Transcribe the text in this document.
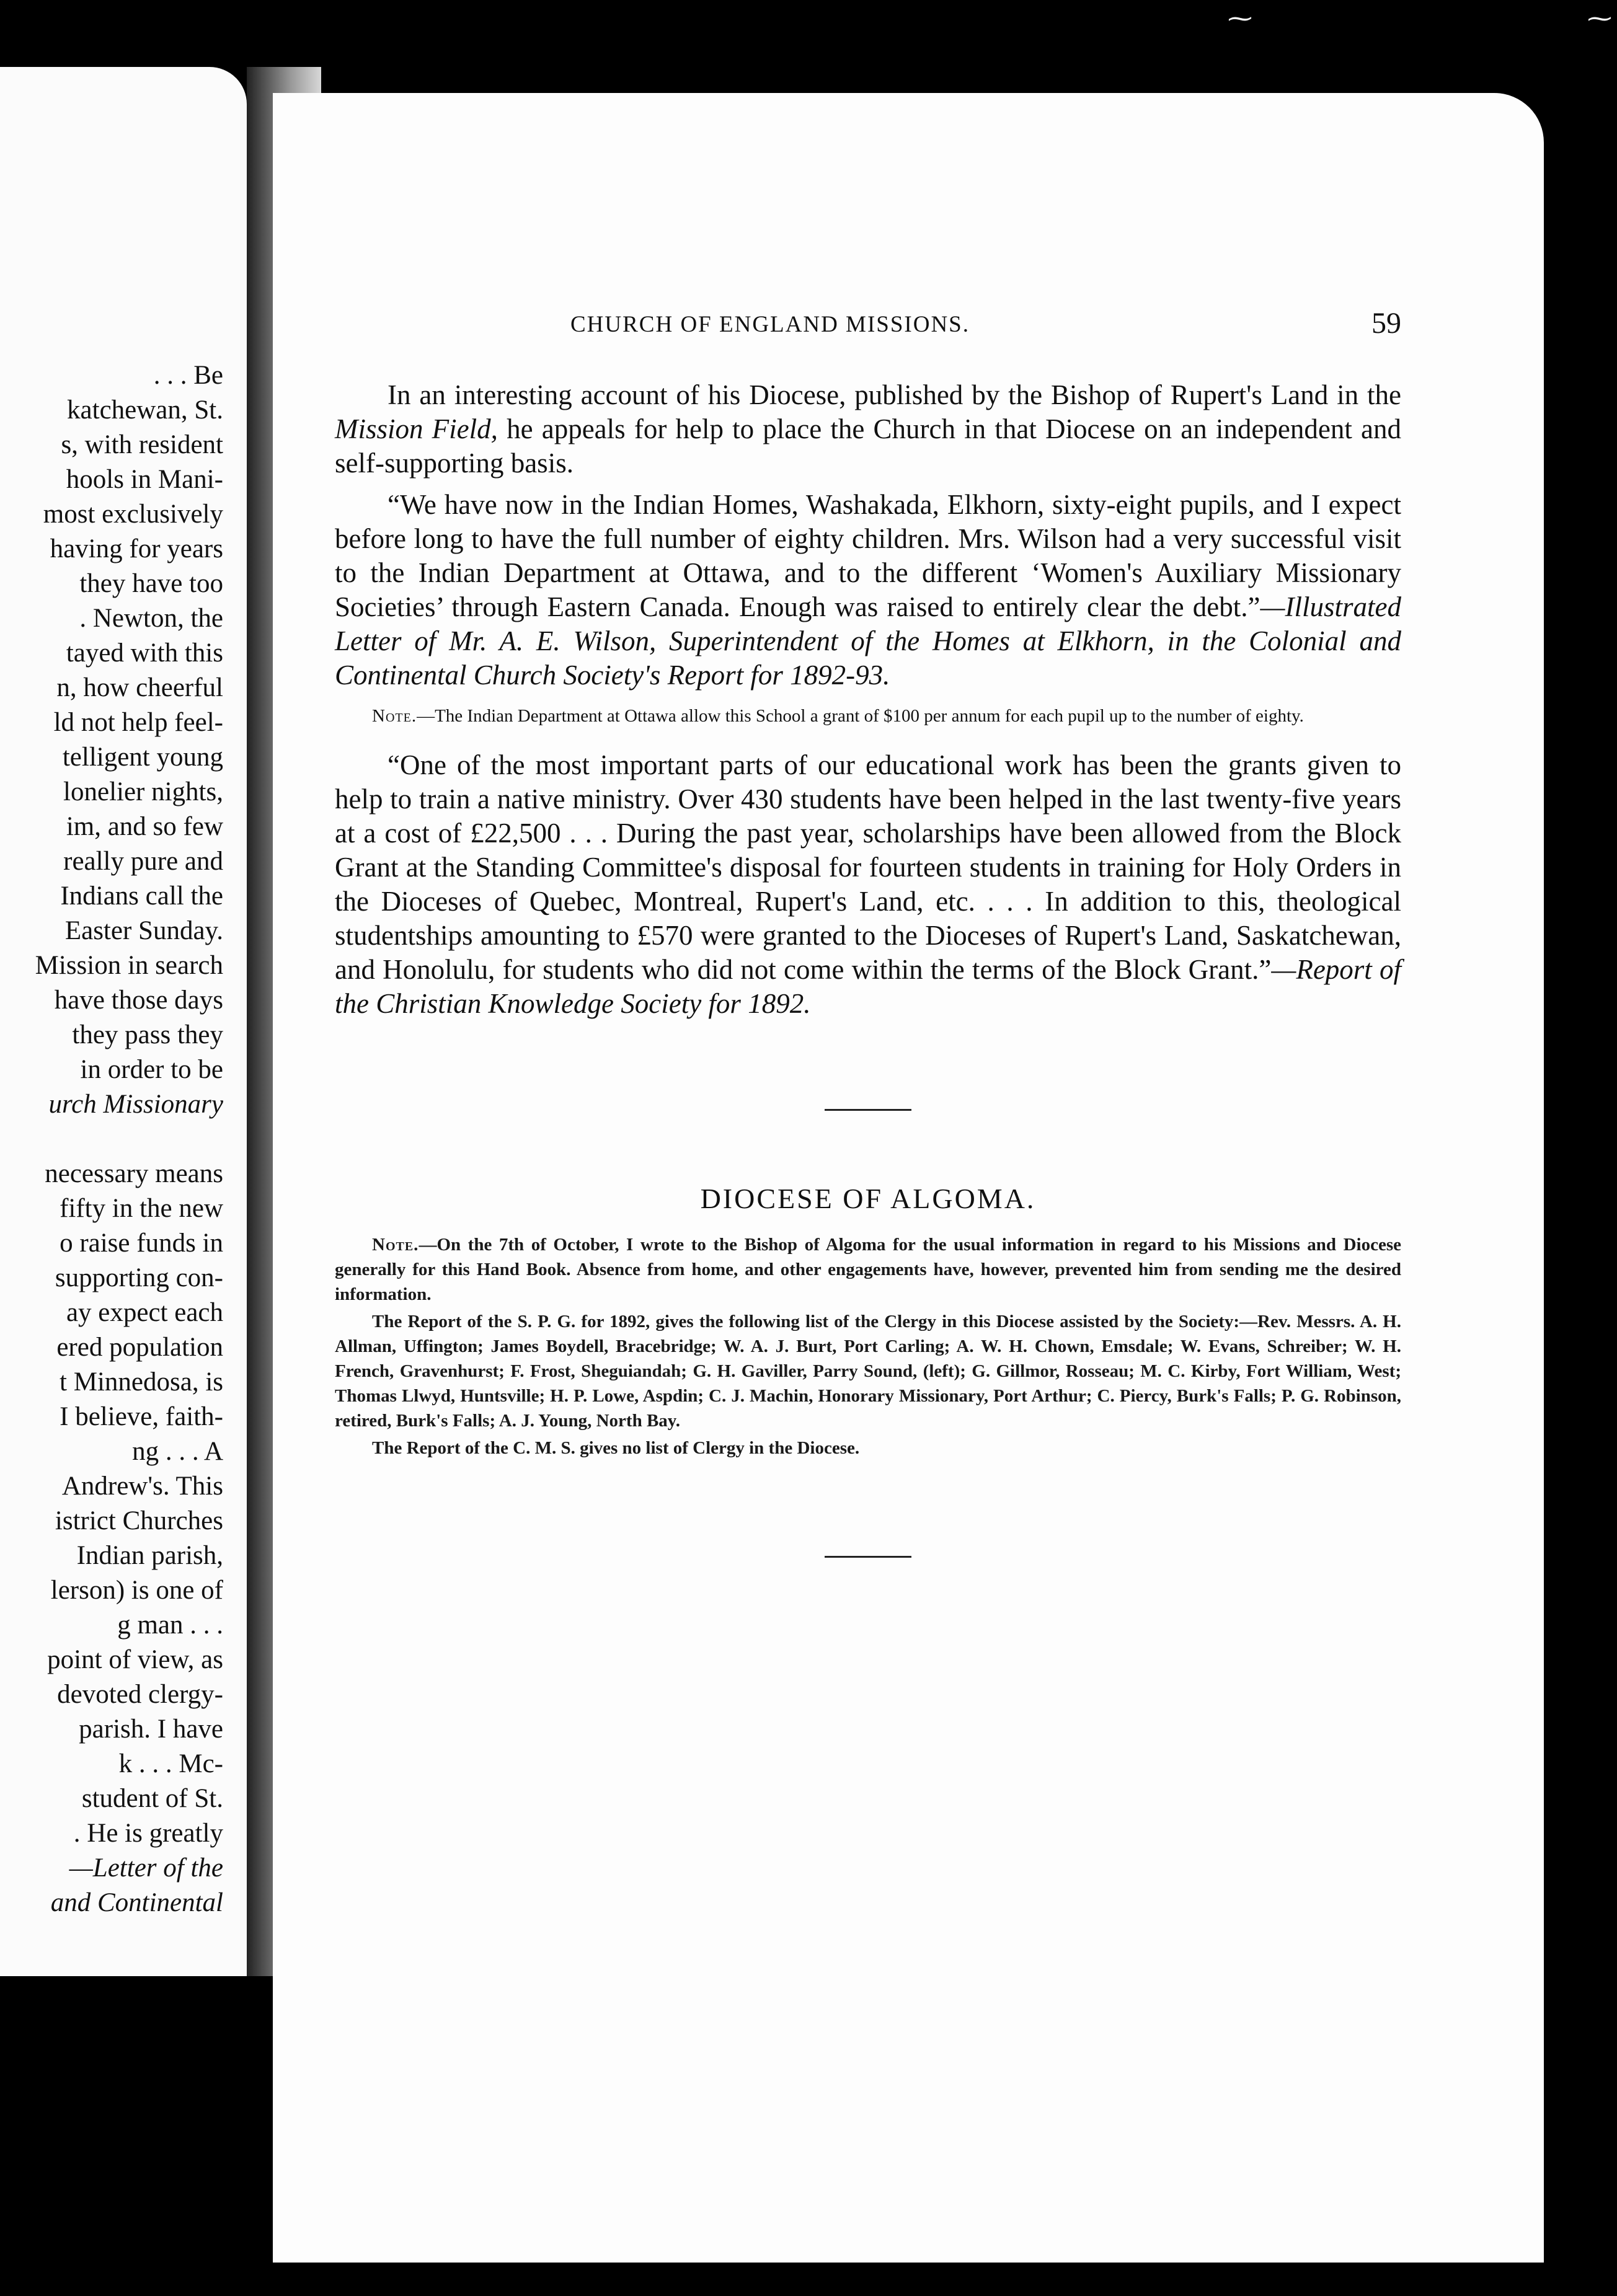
. . . Be
katchewan, St.
s, with resident
hools in Mani-
most exclusively
having for years
they have too
. Newton, the
tayed with this
n, how cheerful
ld not help feel-
telligent young
lonelier nights,
im, and so few
really pure and
Indians call the
Easter Sunday.
Mission in search
have those days
they pass they
in order to be
urch Missionary
necessary means
fifty in the new
o raise funds in
supporting con-
ay expect each
ered population
t Minnedosa, is
I believe, faith-
ng . . . A
Andrew's. This
istrict Churches
Indian parish,
lerson) is one of
g man . . .
point of view, as
devoted clergy-
parish. I have
k . . . Mc-
student of St.
. He is greatly
—Letter of the
and Continental
CHURCH OF ENGLAND MISSIONS.	59

In an interesting account of his Diocese, published by the Bishop of Rupert's Land in the Mission Field, he appeals for help to place the Church in that Diocese on an independent and self-supporting basis.

“We have now in the Indian Homes, Washakada, Elkhorn, sixty-eight pupils, and I expect before long to have the full number of eighty children. Mrs. Wilson had a very successful visit to the Indian Department at Ottawa, and to the different ‘Women's Auxiliary Missionary Societies’ through Eastern Canada. Enough was raised to entirely clear the debt.”—Illustrated Letter of Mr. A. E. Wilson, Superintendent of the Homes at Elkhorn, in the Colonial and Continental Church Society's Report for 1892-93.

Note.—The Indian Department at Ottawa allow this School a grant of $100 per annum for each pupil up to the number of eighty.

“One of the most important parts of our educational work has been the grants given to help to train a native ministry. Over 430 students have been helped in the last twenty-five years at a cost of £22,500 . . . During the past year, scholarships have been allowed from the Block Grant at the Standing Committee's disposal for fourteen students in training for Holy Orders in the Dioceses of Quebec, Montreal, Rupert's Land, etc. . . . In addition to this, theological studentships amounting to £570 were granted to the Dioceses of Rupert's Land, Saskatchewan, and Honolulu, for students who did not come within the terms of the Block Grant.”—Report of the Christian Knowledge Society for 1892.

DIOCESE OF ALGOMA.

Note.—On the 7th of October, I wrote to the Bishop of Algoma for the usual information in regard to his Missions and Diocese generally for this Hand Book. Absence from home, and other engagements have, however, prevented him from sending me the desired information.

The Report of the S. P. G. for 1892, gives the following list of the Clergy in this Diocese assisted by the Society:—Rev. Messrs. A. H. Allman, Uffington; James Boydell, Bracebridge; W. A. J. Burt, Port Carling; A. W. H. Chown, Emsdale; W. Evans, Schreiber; W. H. French, Gravenhurst; F. Frost, Sheguiandah; G. H. Gaviller, Parry Sound, (left); G. Gillmor, Rosseau; M. C. Kirby, Fort William, West; Thomas Llwyd, Huntsville; H. P. Lowe, Aspdin; C. J. Machin, Honorary Missionary, Port Arthur; C. Piercy, Burk's Falls; P. G. Robinson, retired, Burk's Falls; A. J. Young, North Bay.

The Report of the C. M. S. gives no list of Clergy in the Diocese.

⁓	⁓
